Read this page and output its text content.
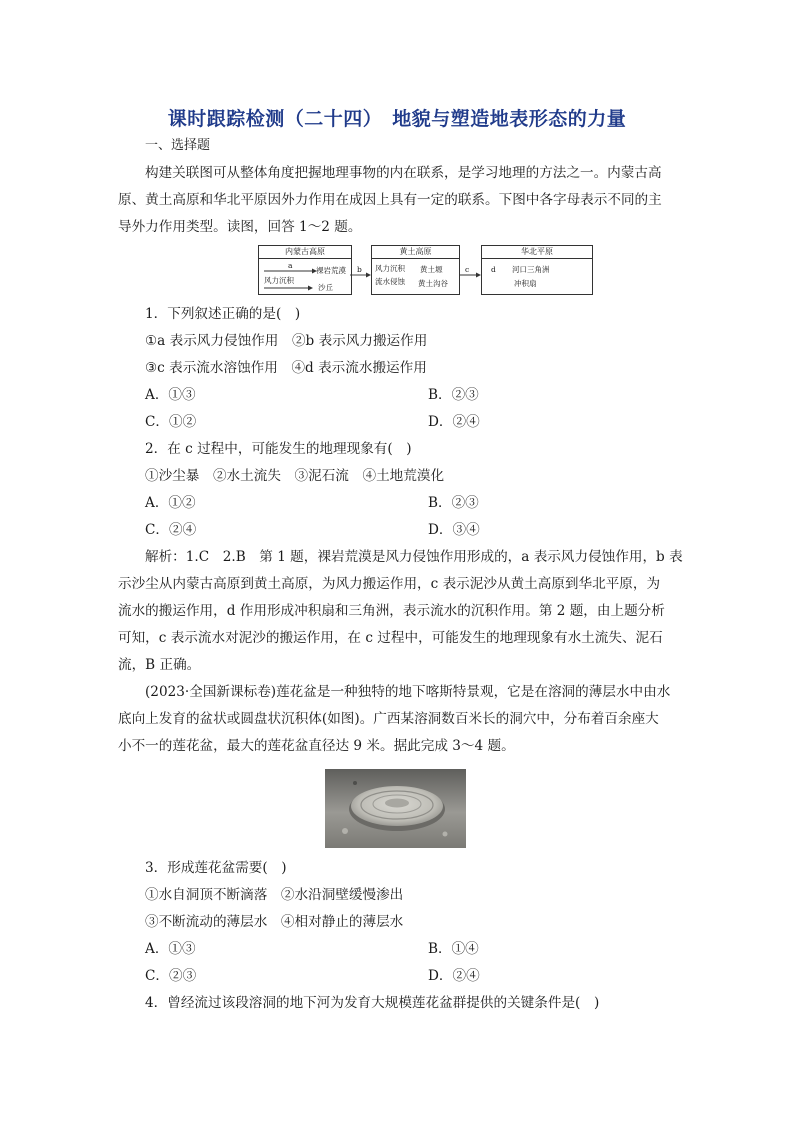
课时跟踪检测（二十四）　地貌与塑造地表形态的力量
一、选择题
构建关联图可从整体角度把握地理事物的内在联系，是学习地理的方法之一。内蒙古高
原、黄土高原和华北平原因外力作用在成因上具有一定的联系。下图中各字母表示不同的主
导外力作用类型。读图，回答 1～2 题。
内蒙古高原
a
风力沉积
裸岩荒漠
沙丘
b
黄土高原
风力沉积
流水侵蚀
黄土塬
黄土沟谷
c
华北平原
d 河口三角洲
冲积扇
1．下列叙述正确的是(　)
①a 表示风力侵蚀作用　②b 表示风力搬运作用
③c 表示流水溶蚀作用　④d 表示流水搬运作用
A．①③	B．②③
C．①②	D．②④
2．在 c 过程中，可能发生的地理现象有(　)
①沙尘暴　②水土流失　③泥石流　④土地荒漠化
A．①②	B．②③
C．②④	D．③④
解析：1.C　2.B　第 1 题，裸岩荒漠是风力侵蚀作用形成的，a 表示风力侵蚀作用，b 表
示沙尘从内蒙古高原到黄土高原，为风力搬运作用，c 表示泥沙从黄土高原到华北平原，为
流水的搬运作用，d 作用形成冲积扇和三角洲，表示流水的沉积作用。第 2 题，由上题分析
可知，c 表示流水对泥沙的搬运作用，在 c 过程中，可能发生的地理现象有水土流失、泥石
流，B 正确。
(2023·全国新课标卷)莲花盆是一种独特的地下喀斯特景观，它是在溶洞的薄层水中由水
底向上发育的盆状或圆盘状沉积体(如图)。广西某溶洞数百米长的洞穴中，分布着百余座大
小不一的莲花盆，最大的莲花盆直径达 9 米。据此完成 3～4 题。
3．形成莲花盆需要(　)
①水自洞顶不断滴落　②水沿洞壁缓慢渗出
③不断流动的薄层水　④相对静止的薄层水
A．①③	B．①④
C．②③	D．②④
4．曾经流过该段溶洞的地下河为发育大规模莲花盆群提供的关键条件是(　)
